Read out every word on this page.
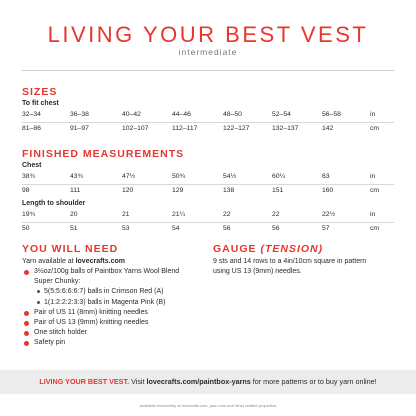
LIVING YOUR BEST VEST
intermediate
SIZES
To fit chest
32–34	36–38	40–42	44–46	48–50	52–54	56–58	in
81–86	91–97	102–107	112–117	122–127	132–137	142	cm
FINISHED MEASUREMENTS
Chest
38¾	43¾	47½	50¾	54½	60¼	63	in
98	111	120	129	138	151	160	cm
Length to shoulder
19¾	20	21	21¼	22	22	22½	in
50	51	53	54	56	56	57	cm
YOU WILL NEED
Yarn available at lovecrafts.com
3½oz/100g balls of Paintbox Yarns Wool Blend
Super Chunky:
5(5:5:6:6:6:7) balls in Crimson Red (A)
1(1:2:2:2:3:3) balls in Magenta Pink (B)
Pair of US 11 (8mm) knitting needles
Pair of US 13 (9mm) knitting needles
One stitch holder
Safety pin
GAUGE (TENSION)
9 sts and 14 rows to a 4in/10cm square in pattern
using US 13 (9mm) needles.
LIVING YOUR BEST VEST. Visit lovecrafts.com/paintbox-yarns for more patterns or to buy yarn online!
Available exclusively at lovecrafts.com, yarn.com and other related properties
